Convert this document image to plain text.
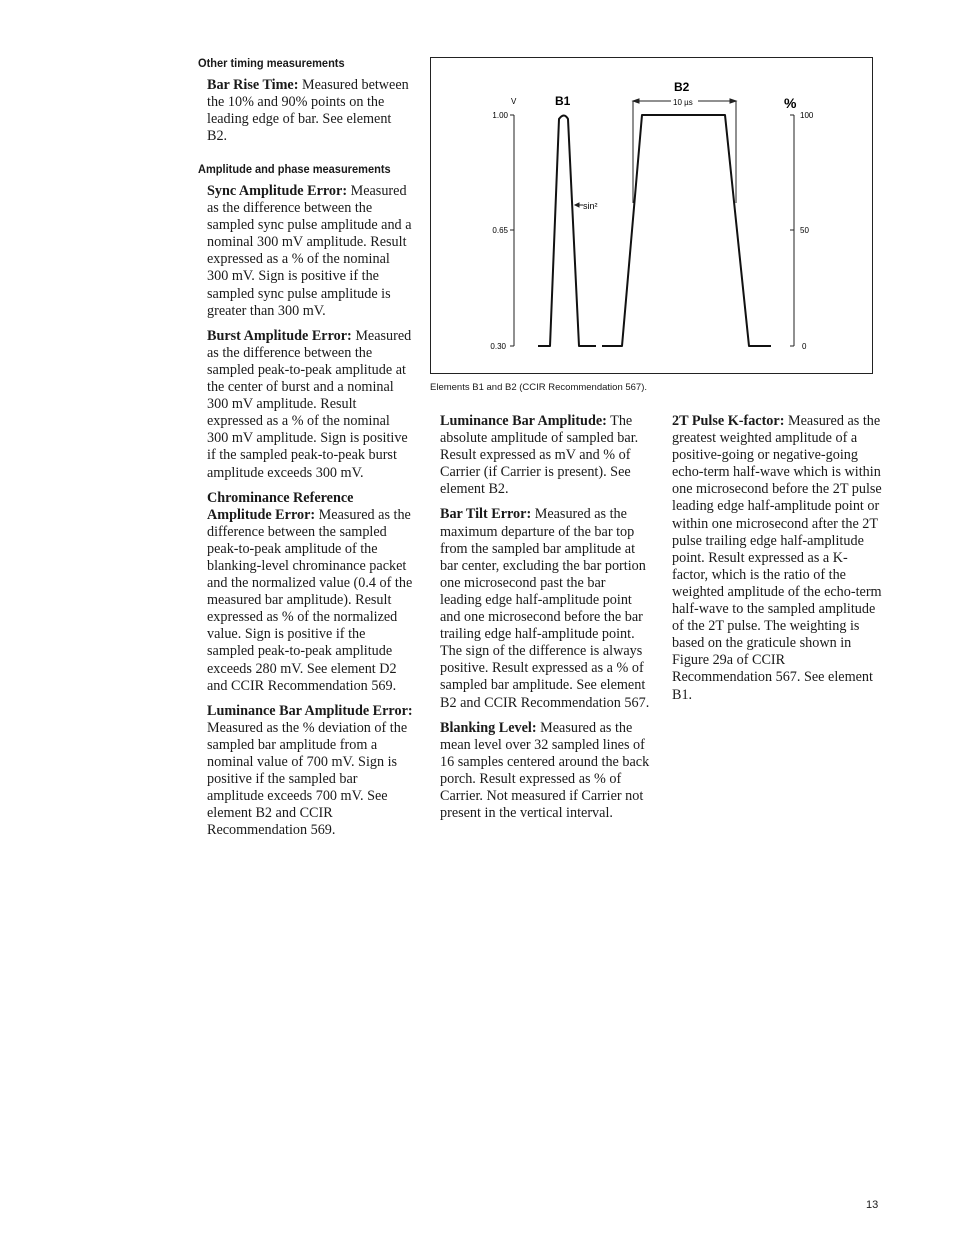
Other timing measurements

Bar Rise Time: Measured between the 10% and 90% points on the leading edge of bar. See element B2.

Amplitude and phase measurements

Sync Amplitude Error: Measured as the difference between the sampled sync pulse amplitude and a nominal 300 mV amplitude. Result expressed as a % of the nominal 300 mV. Sign is positive if the sampled sync pulse amplitude is greater than 300 mV.

Burst Amplitude Error: Measured as the difference between the sampled peak-to-peak amplitude at the center of burst and a nominal 300 mV amplitude. Result expressed as a % of the nominal 300 mV amplitude. Sign is positive if the sampled peak-to-peak burst amplitude exceeds 300 mV.

Chrominance Reference Amplitude Error: Measured as the difference between the sampled peak-to-peak amplitude of the blanking-level chrominance packet and the normalized value (0.4 of the measured bar amplitude). Result expressed as % of the normalized value. Sign is positive if the sampled peak-to-peak amplitude exceeds 280 mV. See element D2 and CCIR Recommendation 569.

Luminance Bar Amplitude Error: Measured as the % deviation of the sampled bar amplitude from a nominal value of 700 mV. Sign is positive if the sampled bar amplitude exceeds 700 mV. See element B2 and CCIR Recommendation 569.

Luminance Bar Amplitude: The absolute amplitude of sampled bar. Result expressed as mV and % of Carrier (if Carrier is present). See element B2.

Bar Tilt Error: Measured as the maximum departure of the bar top from the sampled bar amplitude at bar center, excluding the bar portion one microsecond past the bar leading edge half-amplitude point and one microsecond before the bar trailing edge half-amplitude point. The sign of the difference is always positive. Result expressed as a % of sampled bar amplitude. See element B2 and CCIR Recommendation 567.

Blanking Level: Measured as the mean level over 32 sampled lines of 16 samples centered around the back porch. Result expressed as % of Carrier. Not measured if Carrier not present in the vertical interval.

2T Pulse K-factor: Measured as the greatest weighted amplitude of a positive-going or negative-going echo-term half-wave which is within one microsecond before the 2T pulse leading edge half-amplitude point or within one microsecond after the 2T pulse trailing edge half-amplitude point. Result expressed as a K-factor, which is the ratio of the weighted amplitude of the echo-term half-wave to the sampled amplitude of the 2T pulse. The weighting is based on the graticule shown in Figure 29a of CCIR Recommendation 567. See element B1.

V	B1
B2
10 µs
sin²
%
1.00
0.65
0.30
100
50
0
Elements B1 and B2 (CCIR Recommendation 567).
13
